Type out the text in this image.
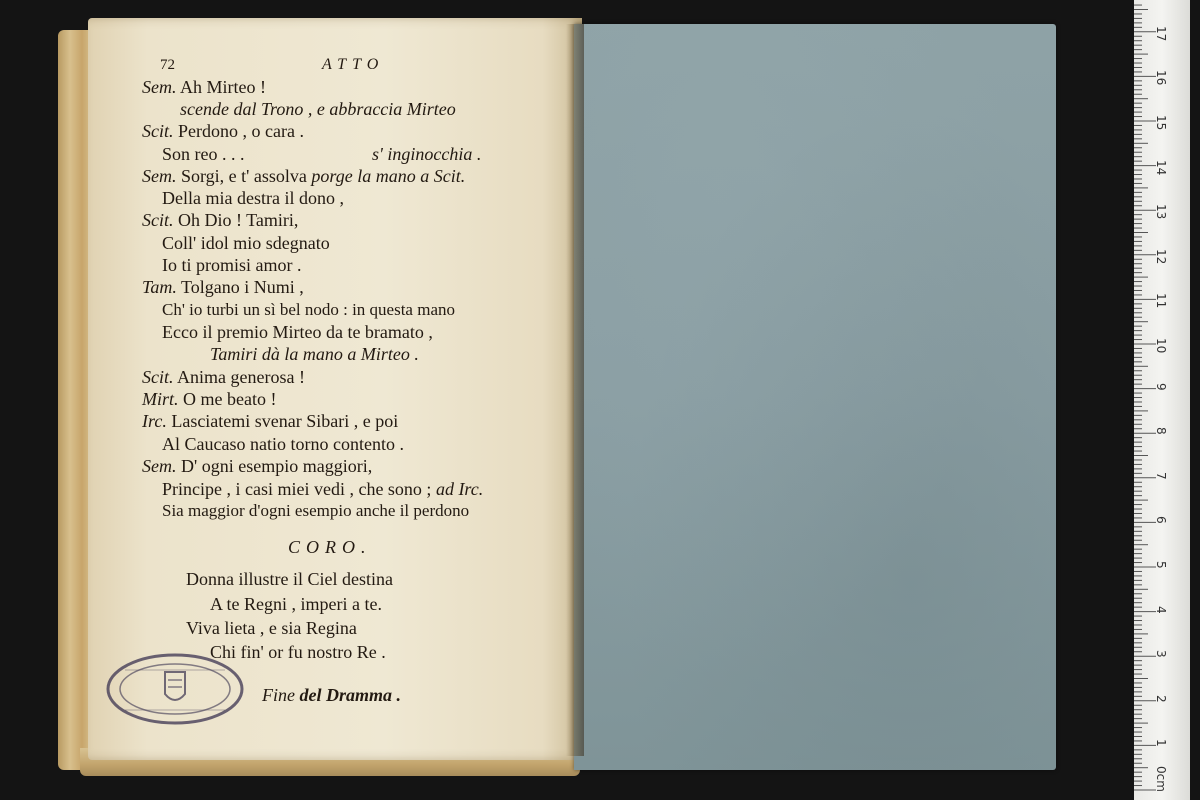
72	ATTO
Sem. Ah Mirteo !
scende dal Trono , e abbraccia Mirteo
Scit. Perdono , o cara .
Son reo . . .	s' inginocchia .
Sem. Sorgi, e t' assolva porge la mano a Scit.
Della mia destra il dono ,
Scit. Oh Dio ! Tamiri,
Coll' idol mio sdegnato
Io ti promisi amor .
Tam. Tolgano i Numi ,
Ch' io turbi un sì bel nodo : in questa mano
Ecco il premio Mirteo da te bramato ,
Tamiri dà la mano a Mirteo .
Scit. Anima generosa !
Mirt. O me beato !
Irc. Lasciatemi svenar Sibari , e poi
Al Caucaso natio torno contento .
Sem. D' ogni esempio maggiori,
Principe , i casi miei vedi , che sono ; ad Irc.
Sia maggior d'ogni esempio anche il perdono
CORO.
Donna illustre il Ciel destina
A te Regni , imperi a te.
Viva lieta , e sia Regina
Chi fin' or fu nostro Re .
Fine del Dramma .
0cm
1
2
3
4
5
6
7
8
9
10
11
12
13
14
15
16
17
